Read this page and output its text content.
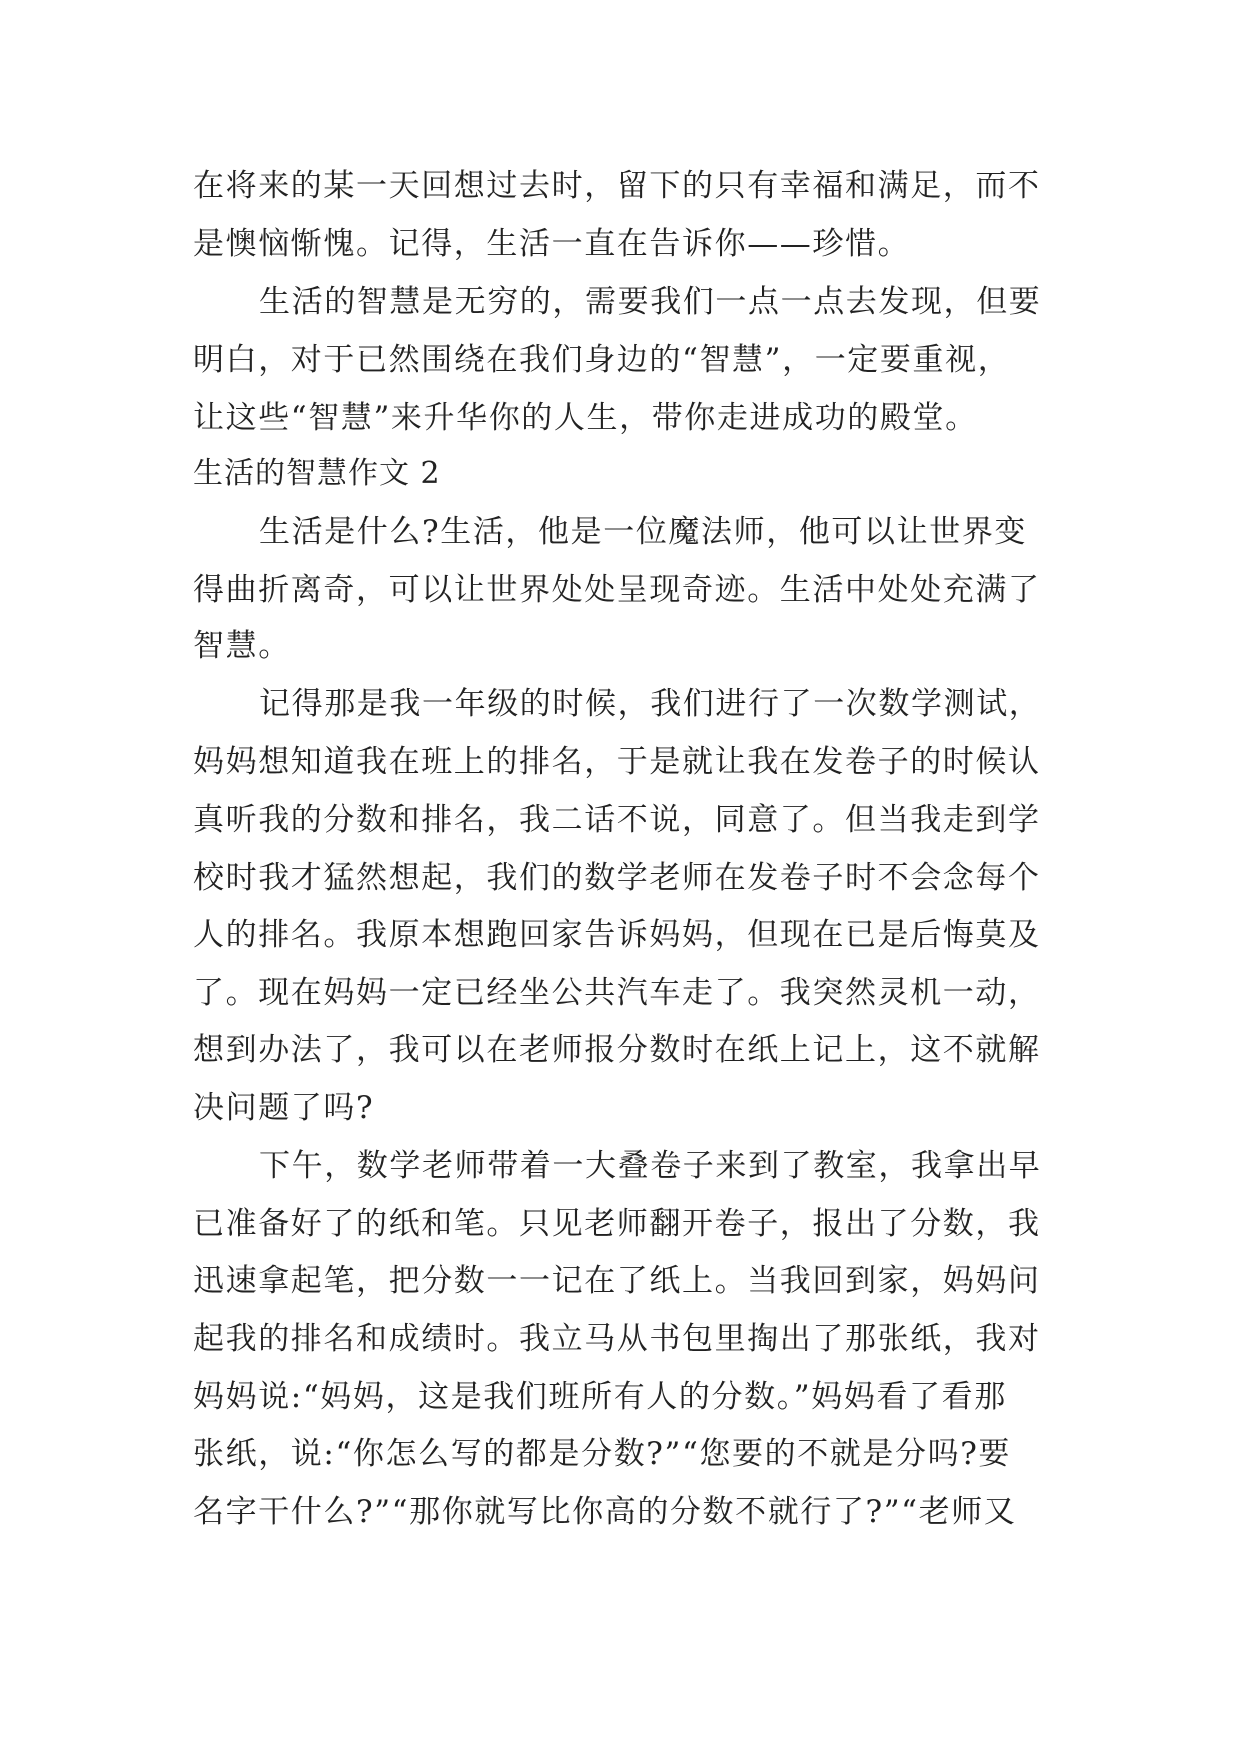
在将来的某一天回想过去时，留下的只有幸福和满足，而不
是懊恼惭愧。记得，生活一直在告诉你——珍惜。
生活的智慧是无穷的，需要我们一点一点去发现，但要
明白，对于已然围绕在我们身边的“智慧”，一定要重视，
让这些“智慧”来升华你的人生，带你走进成功的殿堂。
生活的智慧作文 2
生活是什么?生活，他是一位魔法师，他可以让世界变
得曲折离奇，可以让世界处处呈现奇迹。生活中处处充满了
智慧。
记得那是我一年级的时候，我们进行了一次数学测试，
妈妈想知道我在班上的排名，于是就让我在发卷子的时候认
真听我的分数和排名，我二话不说，同意了。但当我走到学
校时我才猛然想起，我们的数学老师在发卷子时不会念每个
人的排名。我原本想跑回家告诉妈妈，但现在已是后悔莫及
了。现在妈妈一定已经坐公共汽车走了。我突然灵机一动，
想到办法了，我可以在老师报分数时在纸上记上，这不就解
决问题了吗?
下午，数学老师带着一大叠卷子来到了教室，我拿出早
已准备好了的纸和笔。只见老师翻开卷子，报出了分数，我
迅速拿起笔，把分数一一记在了纸上。当我回到家，妈妈问
起我的排名和成绩时。我立马从书包里掏出了那张纸，我对
妈妈说:“妈妈，这是我们班所有人的分数。”妈妈看了看那
张纸，说:“你怎么写的都是分数?”“您要的不就是分吗?要
名字干什么?”“那你就写比你高的分数不就行了?”“老师又
